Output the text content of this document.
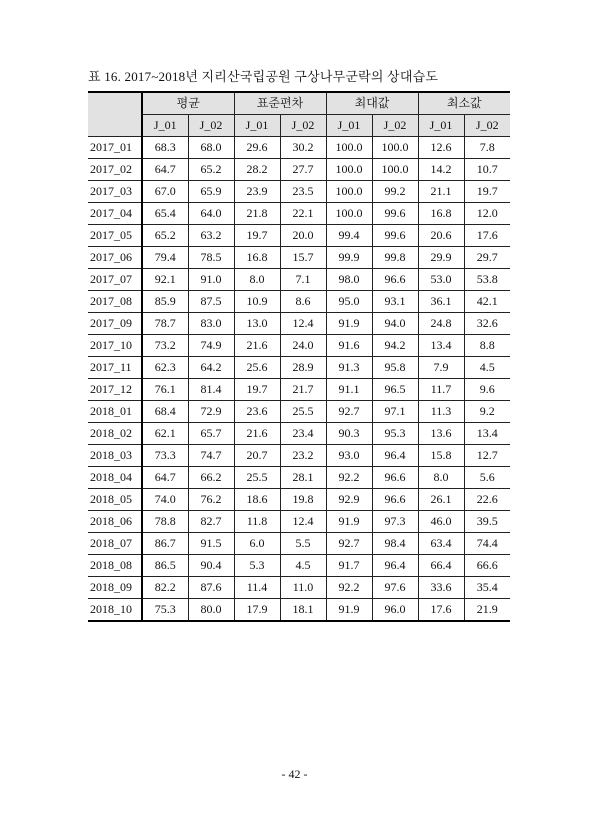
표 16. 2017~2018년 지리산국립공원 구상나무군락의 상대습도
	평균		표준편차		최대값		최소값	
	J_01	J_02	J_01	J_02	J_01	J_02	J_01	J_02
2017_01	68.3	68.0	29.6	30.2	100.0	100.0	12.6	7.8
2017_02	64.7	65.2	28.2	27.7	100.0	100.0	14.2	10.7
2017_03	67.0	65.9	23.9	23.5	100.0	99.2	21.1	19.7
2017_04	65.4	64.0	21.8	22.1	100.0	99.6	16.8	12.0
2017_05	65.2	63.2	19.7	20.0	99.4	99.6	20.6	17.6
2017_06	79.4	78.5	16.8	15.7	99.9	99.8	29.9	29.7
2017_07	92.1	91.0	8.0	7.1	98.0	96.6	53.0	53.8
2017_08	85.9	87.5	10.9	8.6	95.0	93.1	36.1	42.1
2017_09	78.7	83.0	13.0	12.4	91.9	94.0	24.8	32.6
2017_10	73.2	74.9	21.6	24.0	91.6	94.2	13.4	8.8
2017_11	62.3	64.2	25.6	28.9	91.3	95.8	7.9	4.5
2017_12	76.1	81.4	19.7	21.7	91.1	96.5	11.7	9.6
2018_01	68.4	72.9	23.6	25.5	92.7	97.1	11.3	9.2
2018_02	62.1	65.7	21.6	23.4	90.3	95.3	13.6	13.4
2018_03	73.3	74.7	20.7	23.2	93.0	96.4	15.8	12.7
2018_04	64.7	66.2	25.5	28.1	92.2	96.6	8.0	5.6
2018_05	74.0	76.2	18.6	19.8	92.9	96.6	26.1	22.6
2018_06	78.8	82.7	11.8	12.4	91.9	97.3	46.0	39.5
2018_07	86.7	91.5	6.0	5.5	92.7	98.4	63.4	74.4
2018_08	86.5	90.4	5.3	4.5	91.7	96.4	66.4	66.6
2018_09	82.2	87.6	11.4	11.0	92.2	97.6	33.6	35.4
2018_10	75.3	80.0	17.9	18.1	91.9	96.0	17.6	21.9
- 42 -
